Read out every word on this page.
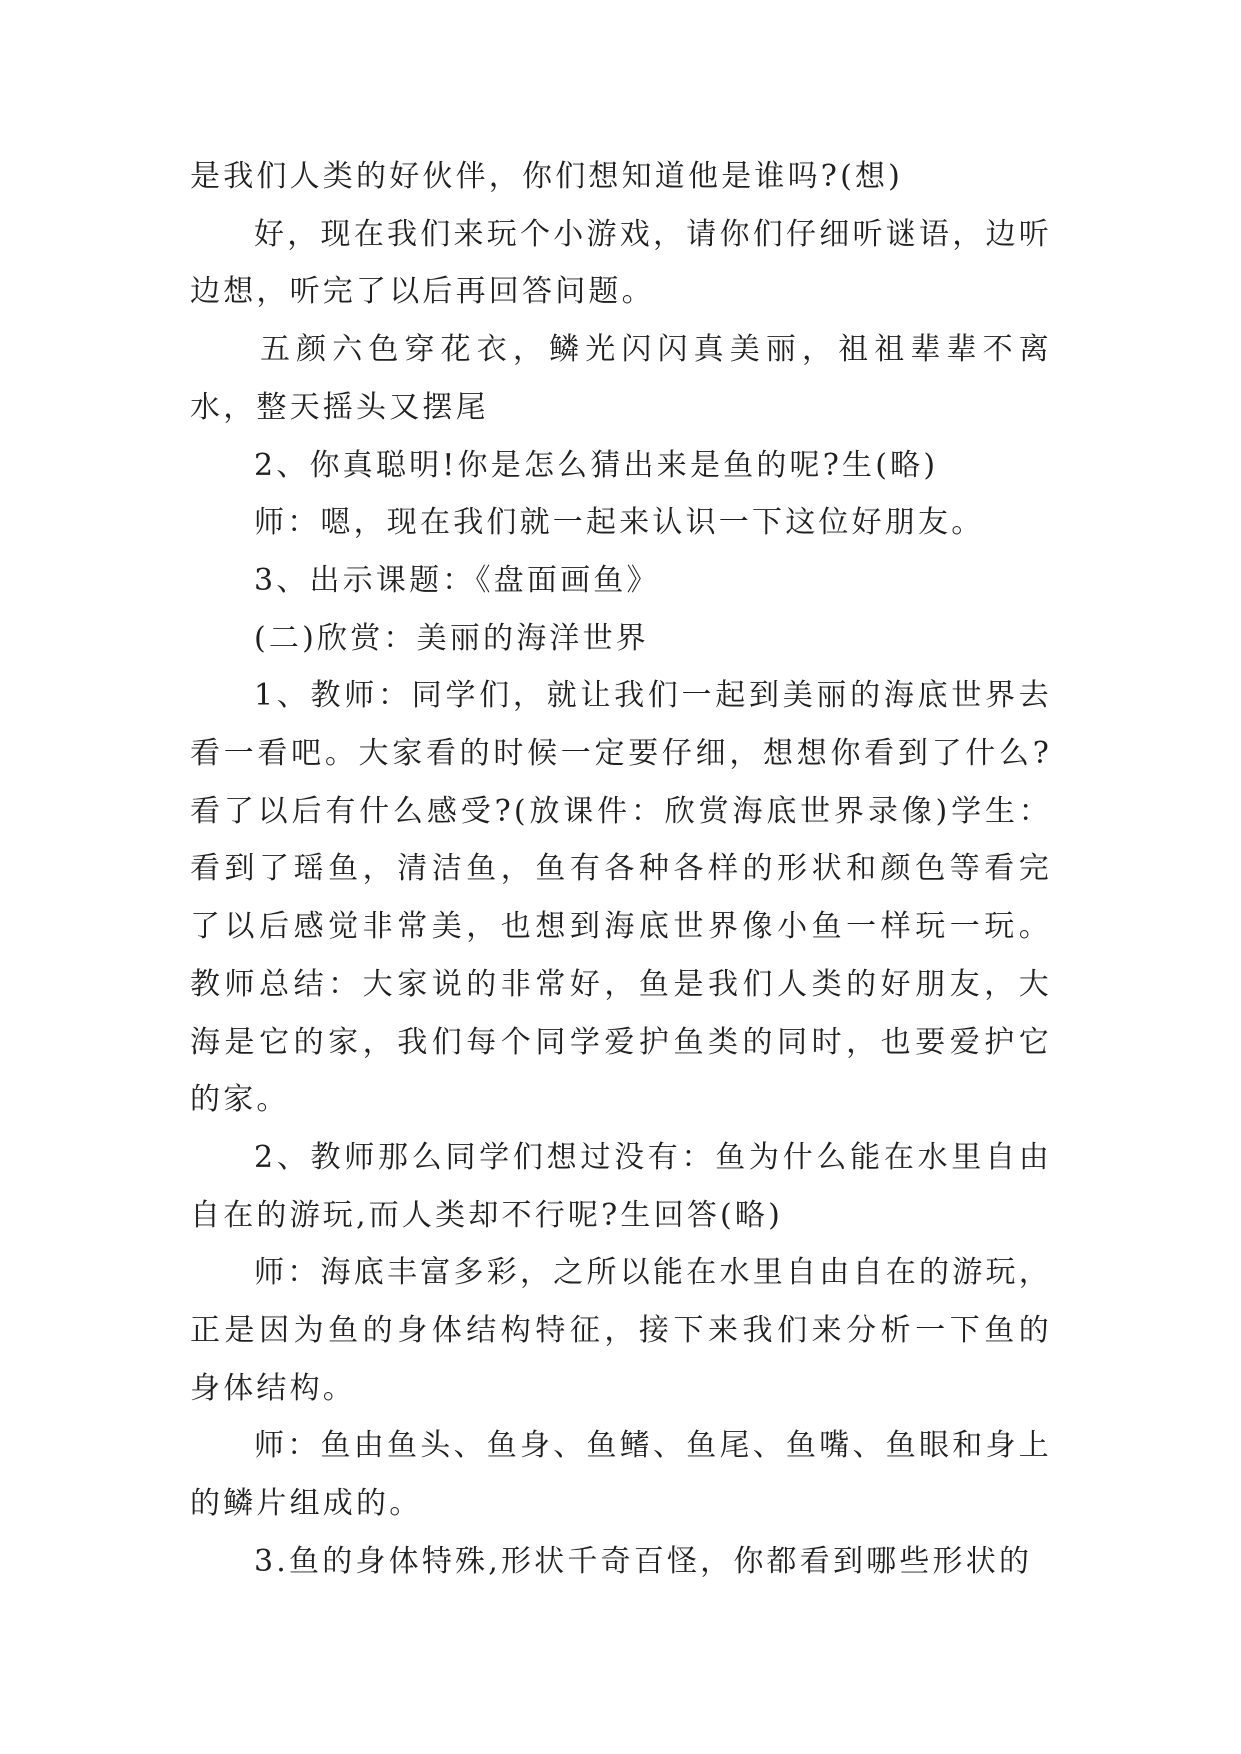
是我们人类的好伙伴，你们想知道他是谁吗?(想)

好，现在我们来玩个小游戏，请你们仔细听谜语，边听边想，听完了以后再回答问题。

五颜六色穿花衣，鳞光闪闪真美丽，祖祖辈辈不离水，整天摇头又摆尾

2、你真聪明!你是怎么猜出来是鱼的呢?生(略)

师：嗯，现在我们就一起来认识一下这位好朋友。

3、出示课题：《盘面画鱼》

(二)欣赏：美丽的海洋世界

1、教师：同学们，就让我们一起到美丽的海底世界去看一看吧。大家看的时候一定要仔细，想想你看到了什么?看了以后有什么感受?(放课件：欣赏海底世界录像)学生：看到了瑶鱼，清洁鱼，鱼有各种各样的形状和颜色等看完了以后感觉非常美，也想到海底世界像小鱼一样玩一玩。教师总结：大家说的非常好，鱼是我们人类的好朋友，大海是它的家，我们每个同学爱护鱼类的同时，也要爱护它的家。

2、教师那么同学们想过没有：鱼为什么能在水里自由自在的游玩,而人类却不行呢?生回答(略)

师：海底丰富多彩，之所以能在水里自由自在的游玩，正是因为鱼的身体结构特征，接下来我们来分析一下鱼的身体结构。

师：鱼由鱼头、鱼身、鱼鳍、鱼尾、鱼嘴、鱼眼和身上的鳞片组成的。

3.鱼的身体特殊,形状千奇百怪，你都看到哪些形状的
